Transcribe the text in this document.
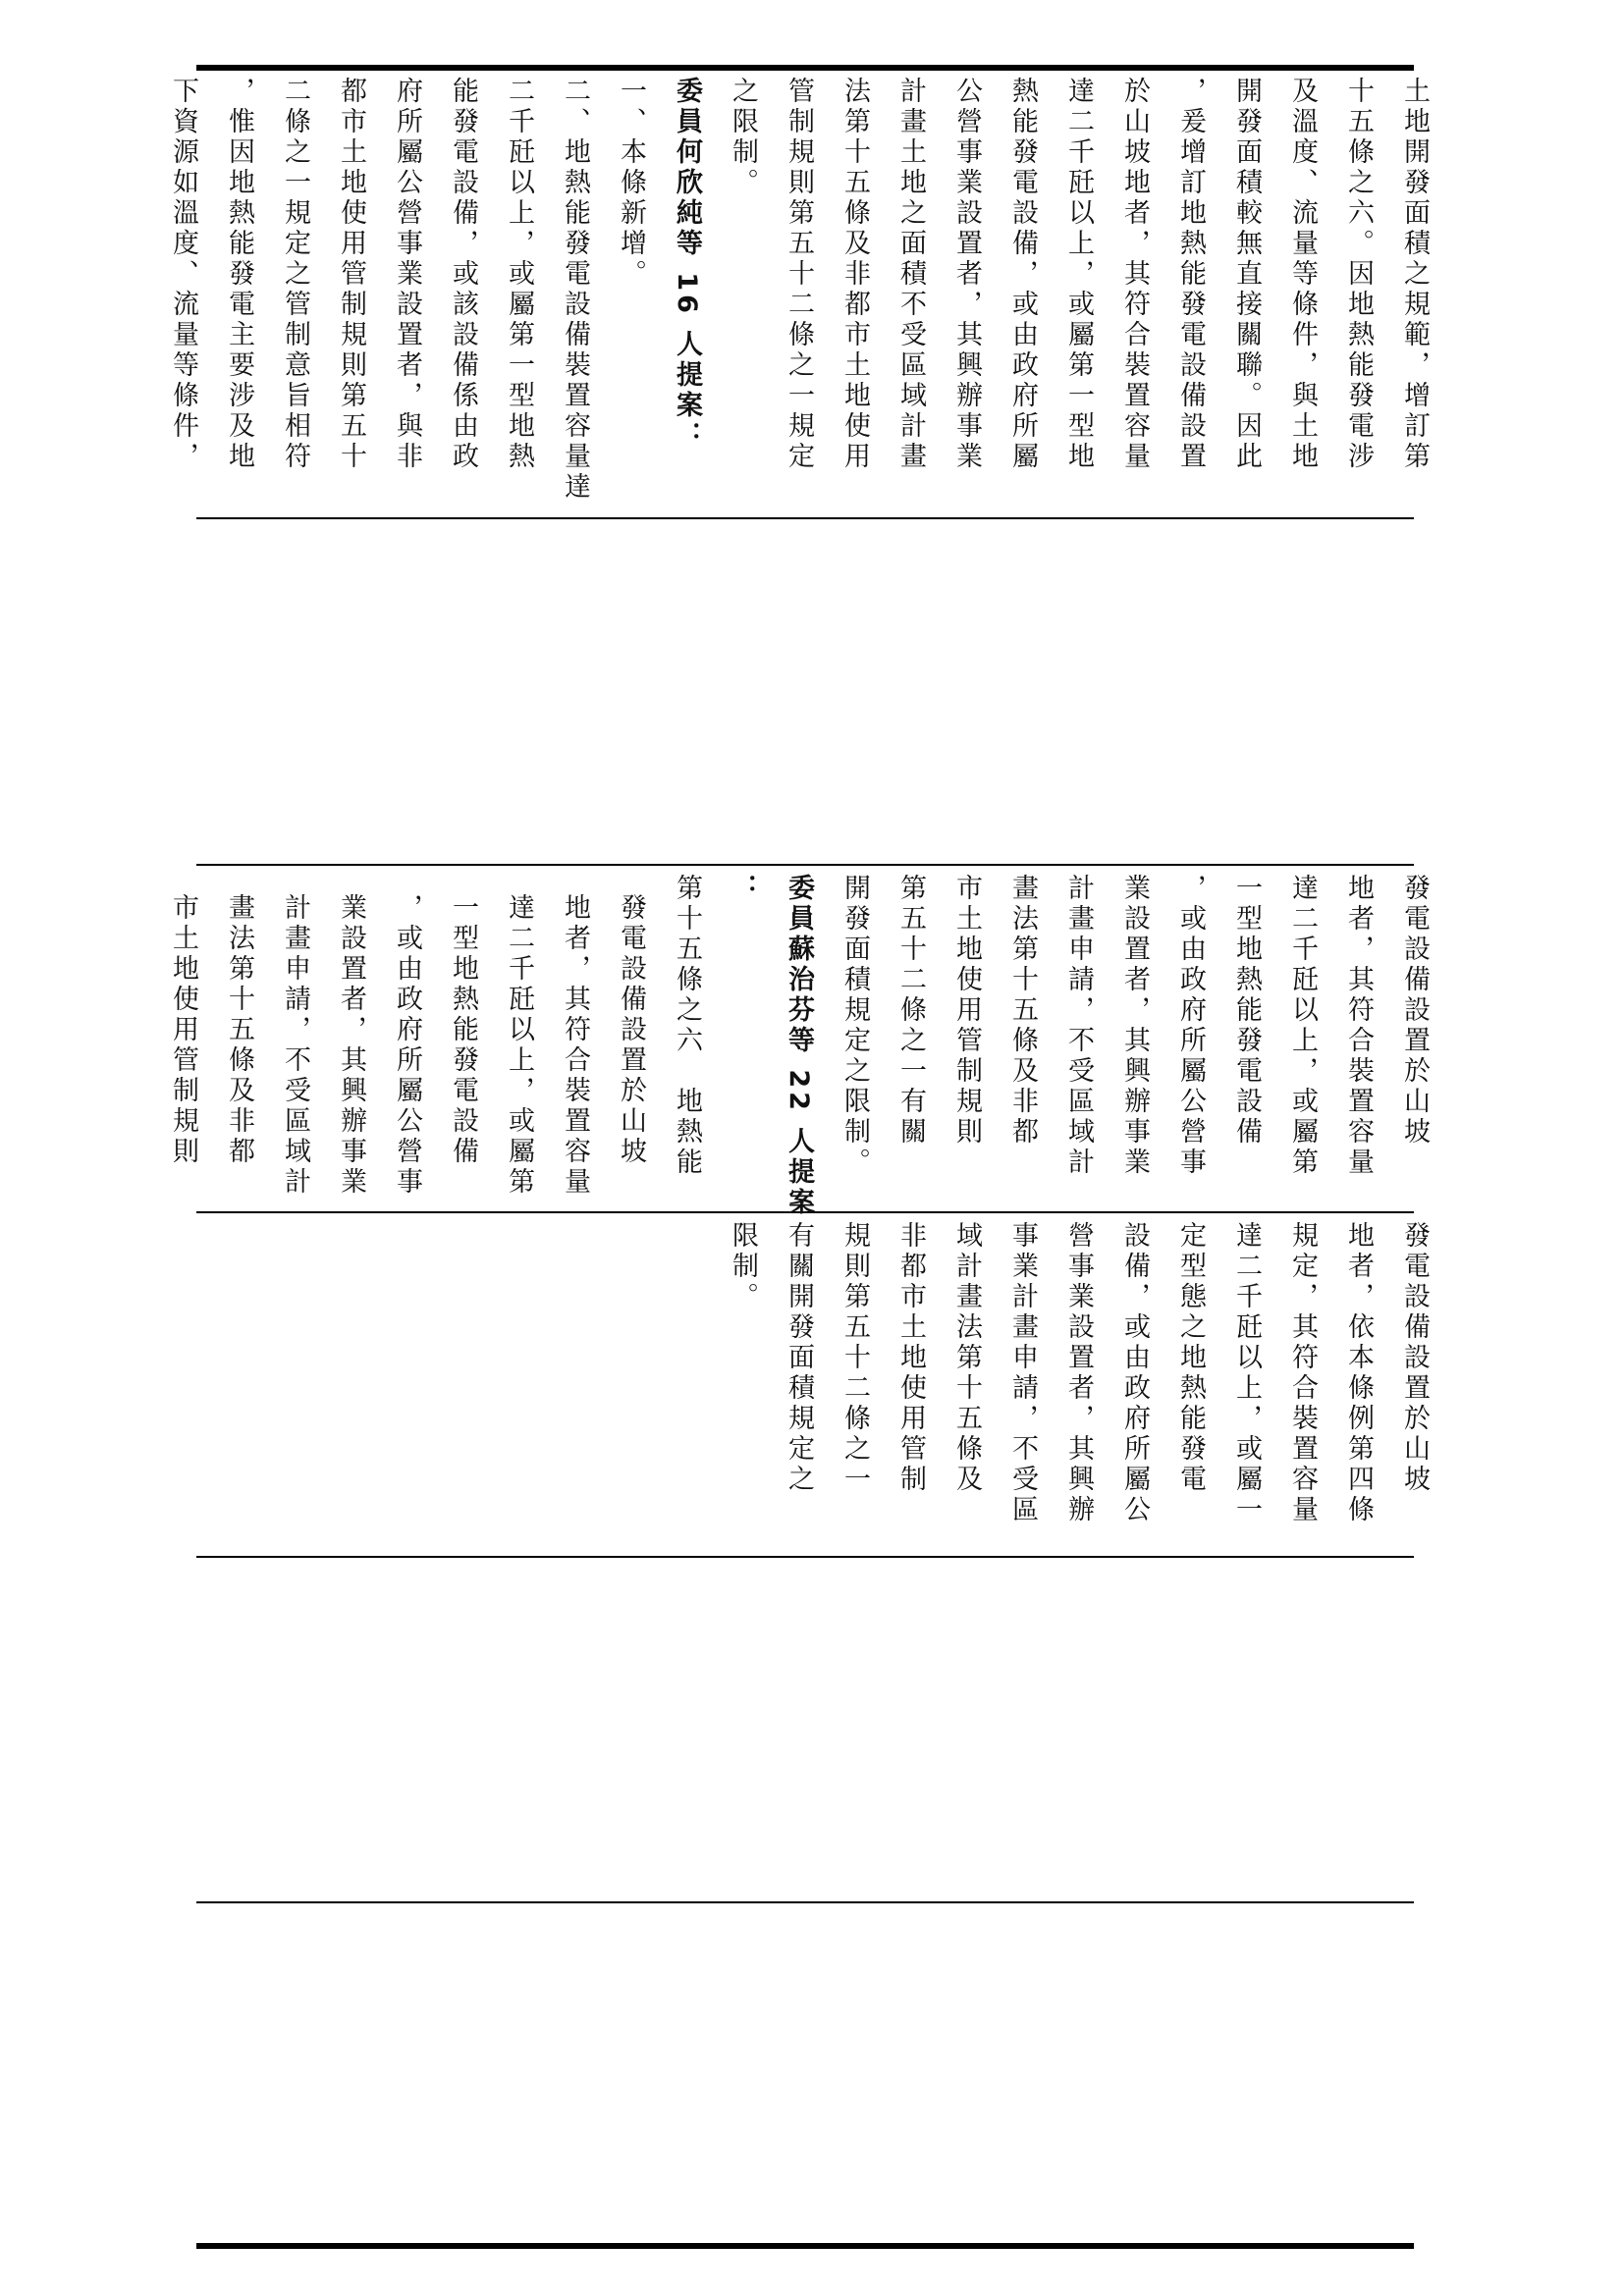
土地開發面積之規範，增訂第
十五條之六。因地熱能發電涉
及溫度、流量等條件，與土地
開發面積較無直接關聯。因此
，爰增訂地熱能發電設備設置
於山坡地者，其符合裝置容量
達二千瓩以上，或屬第一型地
熱能發電設備，或由政府所屬
公營事業設置者，其興辦事業
計畫土地之面積不受區域計畫
法第十五條及非都市土地使用
管制規則第五十二條之一規定
之限制。
委員何欣純等 16 人提案：
一、本條新增。
二、地熱能發電設備裝置容量達
二千瓩以上，或屬第一型地熱
能發電設備，或該設備係由政
府所屬公營事業設置者，與非
都市土地使用管制規則第五十
二條之一規定之管制意旨相符
，惟因地熱能發電主要涉及地
下資源如溫度、流量等條件，
發電設備設置於山坡
地者，其符合裝置容量
達二千瓩以上，或屬第
一型地熱能發電設備
，或由政府所屬公營事
業設置者，其興辦事業
計畫申請，不受區域計
畫法第十五條及非都
市土地使用管制規則
第五十二條之一有關
開發面積規定之限制。
委員蘇治芬等 22 人提案
：
第十五條之六　地熱能
發電設備設置於山坡
地者，其符合裝置容量
達二千瓩以上，或屬第
一型地熱能發電設備
，或由政府所屬公營事
業設置者，其興辦事業
計畫申請，不受區域計
畫法第十五條及非都
市土地使用管制規則
發電設備設置於山坡
地者，依本條例第四條
規定，其符合裝置容量
達二千瓩以上，或屬一
定型態之地熱能發電
設備，或由政府所屬公
營事業設置者，其興辦
事業計畫申請，不受區
域計畫法第十五條及
非都市土地使用管制
規則第五十二條之一
有關開發面積規定之
限制。
